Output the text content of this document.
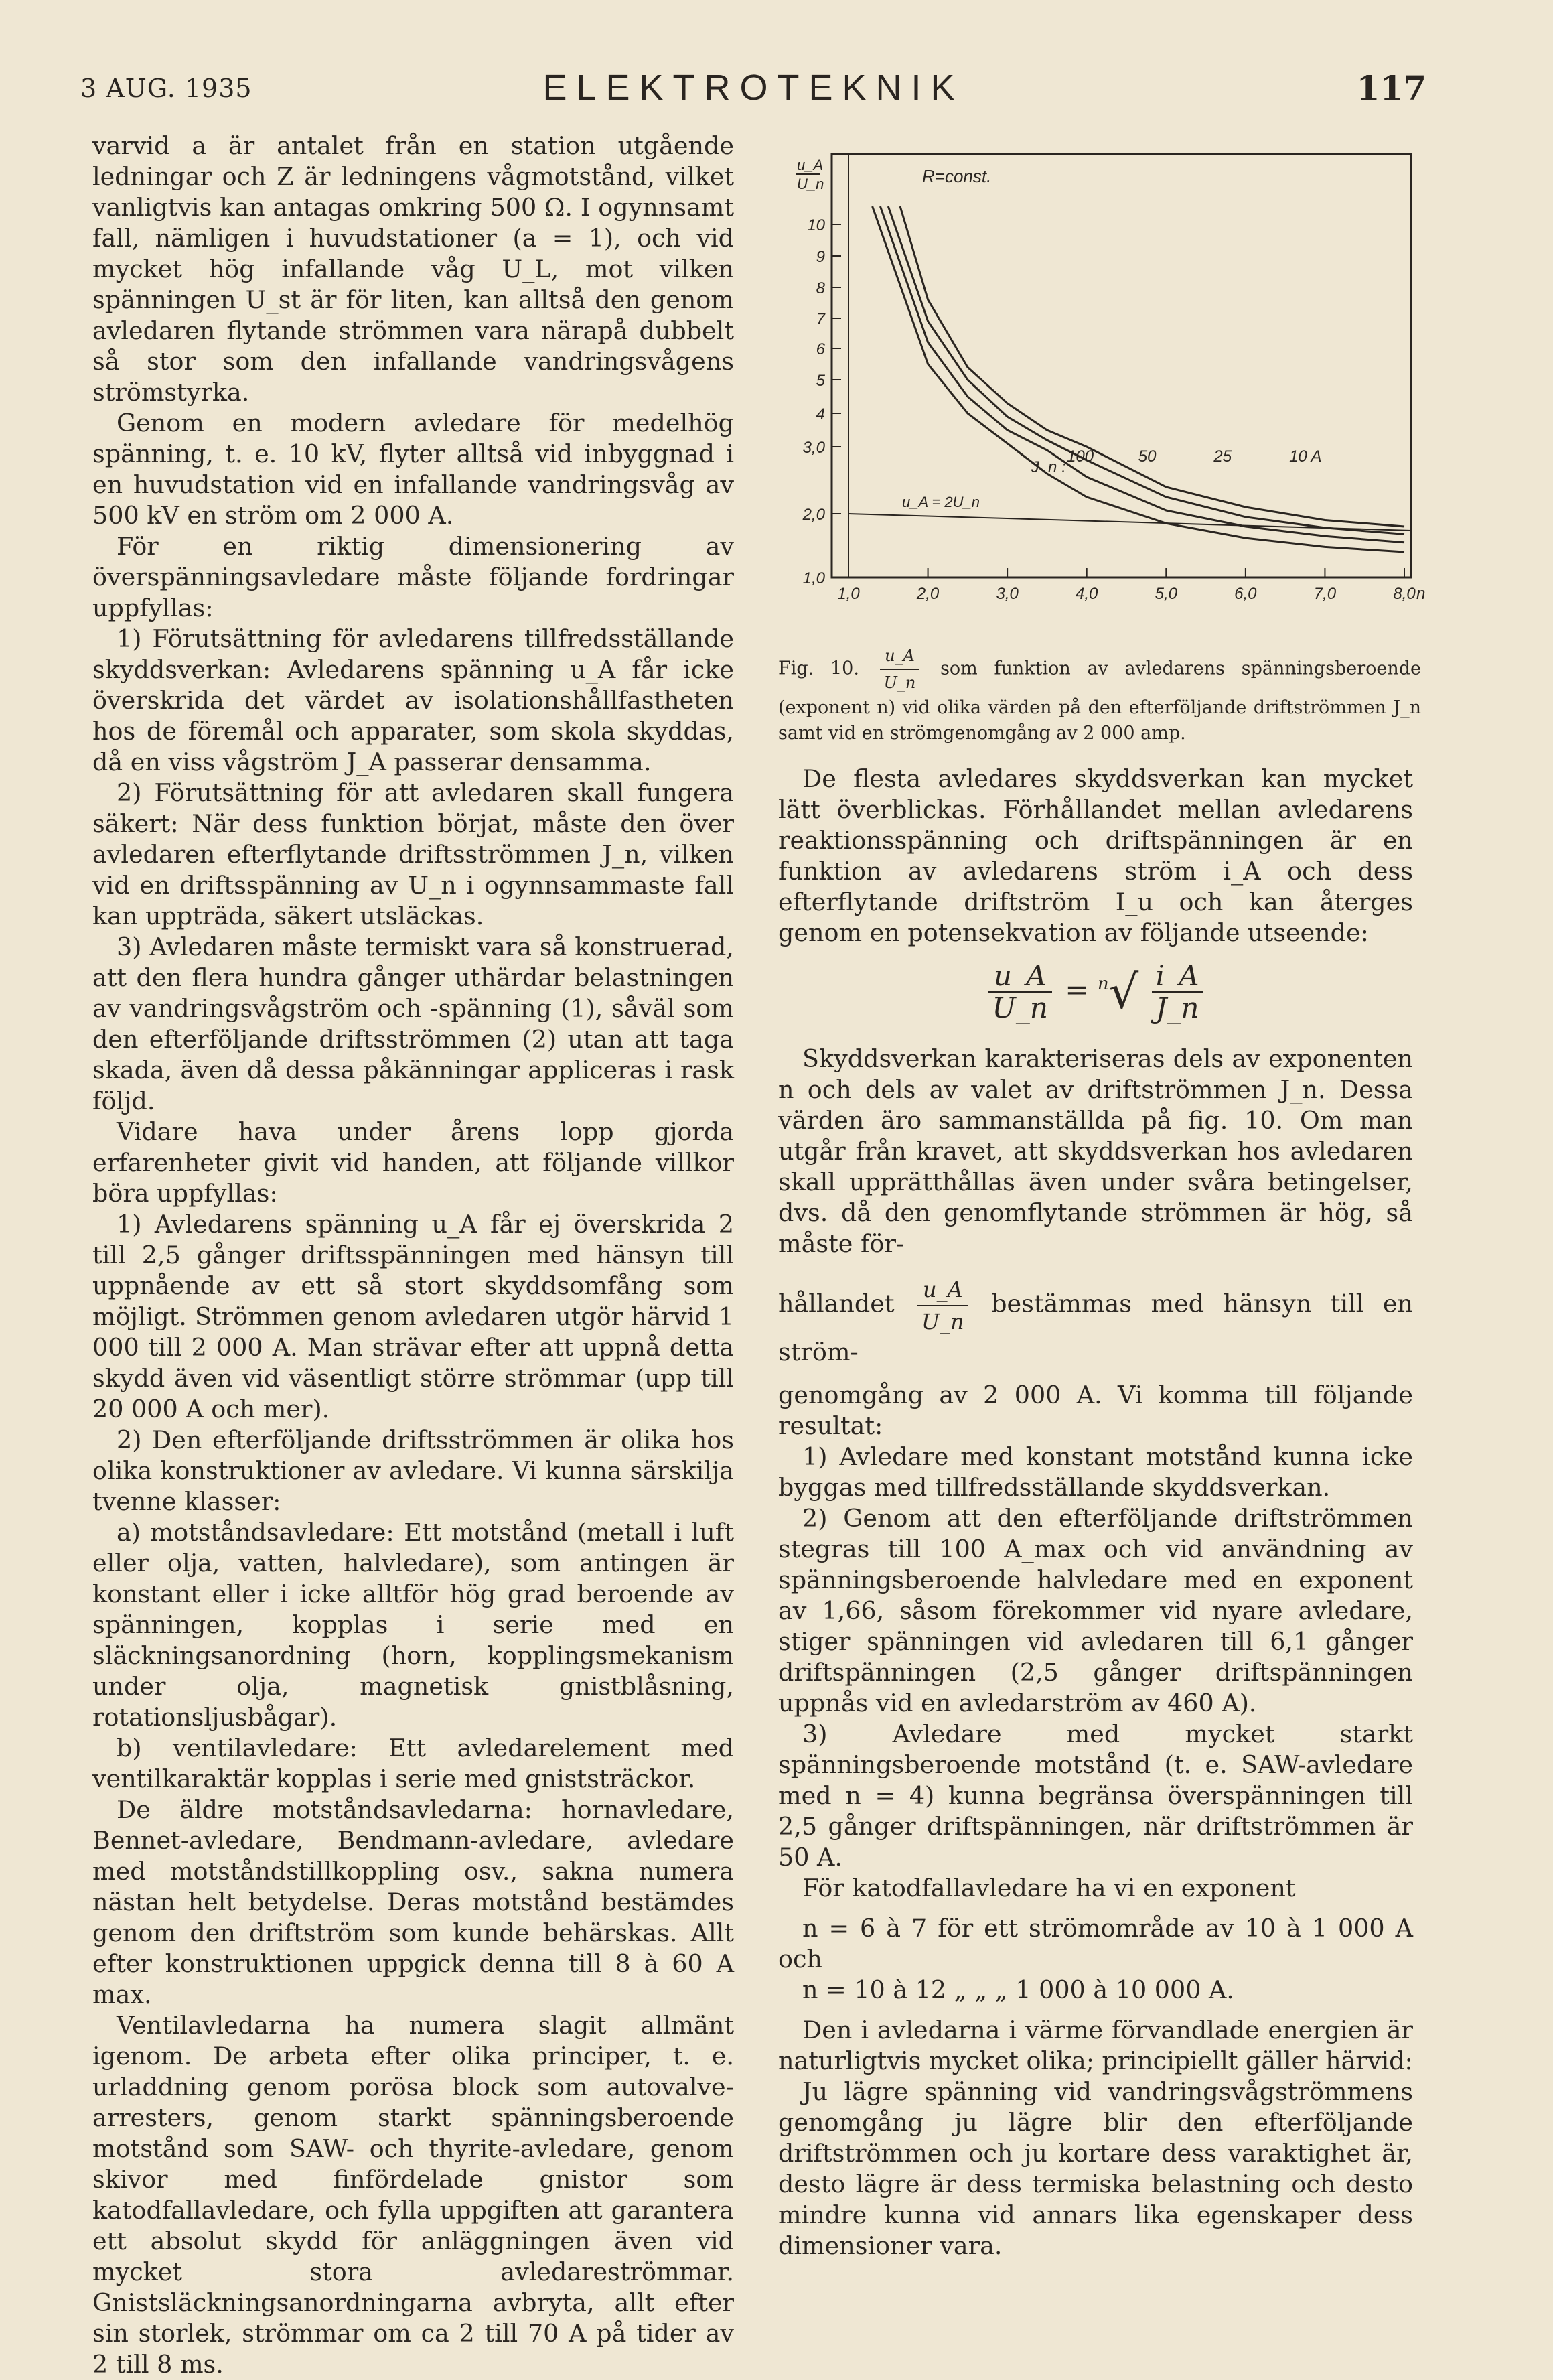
3 AUG. 1935	ELEKTROTEKNIK	117

varvid a är antalet från en station utgående ledningar och Z är ledningens vågmotstånd, vilket vanligtvis kan antagas omkring 500 Ω. I ogynnsamt fall, nämligen i huvudstationer (a = 1), och vid mycket hög infallande våg U_L, mot vilken spänningen U_st är för liten, kan alltså den genom avledaren flytande strömmen vara närapå dubbelt så stor som den infallande vandringsvågens strömstyrka.

Genom en modern avledare för medelhög spänning, t. e. 10 kV, flyter alltså vid inbyggnad i en huvudstation vid en infallande vandringsvåg av 500 kV en ström om 2 000 A.

För en riktig dimensionering av överspänningsavledare måste följande fordringar uppfyllas:

1) Förutsättning för avledarens tillfredsställande skyddsverkan: Avledarens spänning u_A får icke överskrida det värdet av isolationshållfastheten hos de föremål och apparater, som skola skyddas, då en viss vågström J_A passerar densamma.

2) Förutsättning för att avledaren skall fungera säkert: När dess funktion börjat, måste den över avledaren efterflytande driftsströmmen J_n, vilken vid en driftsspänning av U_n i ogynnsammaste fall kan uppträda, säkert utsläckas.

3) Avledaren måste termiskt vara så konstruerad, att den flera hundra gånger uthärdar belastningen av vandringsvågström och -spänning (1), såväl som den efterföljande driftsströmmen (2) utan att taga skada, även då dessa påkänningar appliceras i rask följd.

Vidare hava under årens lopp gjorda erfarenheter givit vid handen, att följande villkor böra uppfyllas:

1) Avledarens spänning u_A får ej överskrida 2 till 2,5 gånger driftsspänningen med hänsyn till uppnående av ett så stort skyddsomfång som möjligt. Strömmen genom avledaren utgör härvid 1 000 till 2 000 A. Man strävar efter att uppnå detta skydd även vid väsentligt större strömmar (upp till 20 000 A och mer).

2) Den efterföljande driftsströmmen är olika hos olika konstruktioner av avledare. Vi kunna särskilja tvenne klasser:

a) motståndsavledare: Ett motstånd (metall i luft eller olja, vatten, halvledare), som antingen är konstant eller i icke alltför hög grad beroende av spänningen, kopplas i serie med en släckningsanordning (horn, kopplingsmekanism under olja, magnetisk gnistblåsning, rotationsljusbågar).

b) ventilavledare: Ett avledarelement med ventilkaraktär kopplas i serie med gniststräckor.

De äldre motståndsavledarna: hornavledare, Bennet-avledare, Bendmann-avledare, avledare med motståndstillkoppling osv., sakna numera nästan helt betydelse. Deras motstånd bestämdes genom den driftström som kunde behärskas. Allt efter konstruktionen uppgick denna till 8 à 60 A max.

Ventilavledarna ha numera slagit allmänt igenom. De arbeta efter olika principer, t. e. urladdning genom porösa block som autovalve-arresters, genom starkt spänningsberoende motstånd som SAW- och thyrite-avledare, genom skivor med finfördelade gnistor som katodfallavledare, och fylla uppgiften att garantera ett absolut skydd för anläggningen även vid mycket stora avledareströmmar. Gnistsläckningsanordningarna avbryta, allt efter sin storlek, strömmar om ca 2 till 70 A på tider av 2 till 8 ms.

1,0
2,0
3,0
4
5
6
7
8
9
10
1,0	2,0	3,0	4,0	5,0	6,0	7,0	8,0 n
u_A
U_n	R=const.
u_A = 2U_n
J_n :
100	50	25	10 A
Fig. 10. $\frac{u\_A}{U\_n}$ som funktion av avledarens spänningsberoende (exponent n) vid olika värden på den efterföljande driftströmmen J_n samt vid en strömgenomgång av 2 000 amp.

De flesta avledares skyddsverkan kan mycket lätt överblickas. Förhållandet mellan avledarens reaktionsspänning och driftspänningen är en funktion av avledarens ström i_A och dess efterflytande driftström I_u och kan återges genom en potensekvation av följande utseende:

$\frac{u\_A}{U\_n} = ^n√ \frac{i\_A}{J\_n}$

Skyddsverkan karakteriseras dels av exponenten n och dels av valet av driftströmmen J_n. Dessa värden äro sammanställda på fig. 10. Om man utgår från kravet, att skyddsverkan hos avledaren skall upprätthållas även under svåra betingelser, dvs. då den genomflytande strömmen är hög, så måste för-

hållandet $\frac{u\_A}{U\_n}$ bestämmas med hänsyn till en ström-

genomgång av 2 000 A. Vi komma till följande resultat:

1) Avledare med konstant motstånd kunna icke byggas med tillfredsställande skyddsverkan.

2) Genom att den efterföljande driftströmmen stegras till 100 A_max och vid användning av spänningsberoende halvledare med en exponent av 1,66, såsom förekommer vid nyare avledare, stiger spänningen vid avledaren till 6,1 gånger driftspänningen (2,5 gånger driftspänningen uppnås vid en avledarström av 460 A).

3) Avledare med mycket starkt spänningsberoende motstånd (t. e. SAW-avledare med n = 4) kunna begränsa överspänningen till 2,5 gånger driftspänningen, när driftströmmen är 50 A.

För katodfallavledare ha vi en exponent

n = 6 à 7 för ett strömområde av 10 à 1 000 A och

n = 10 à 12 „ „ „ 1 000 à 10 000 A.

Den i avledarna i värme förvandlade energien är naturligtvis mycket olika; principiellt gäller härvid:

Ju lägre spänning vid vandringsvågströmmens genomgång ju lägre blir den efterföljande driftströmmen och ju kortare dess varaktighet är, desto lägre är dess termiska belastning och desto mindre kunna vid annars lika egenskaper dess dimensioner vara.
